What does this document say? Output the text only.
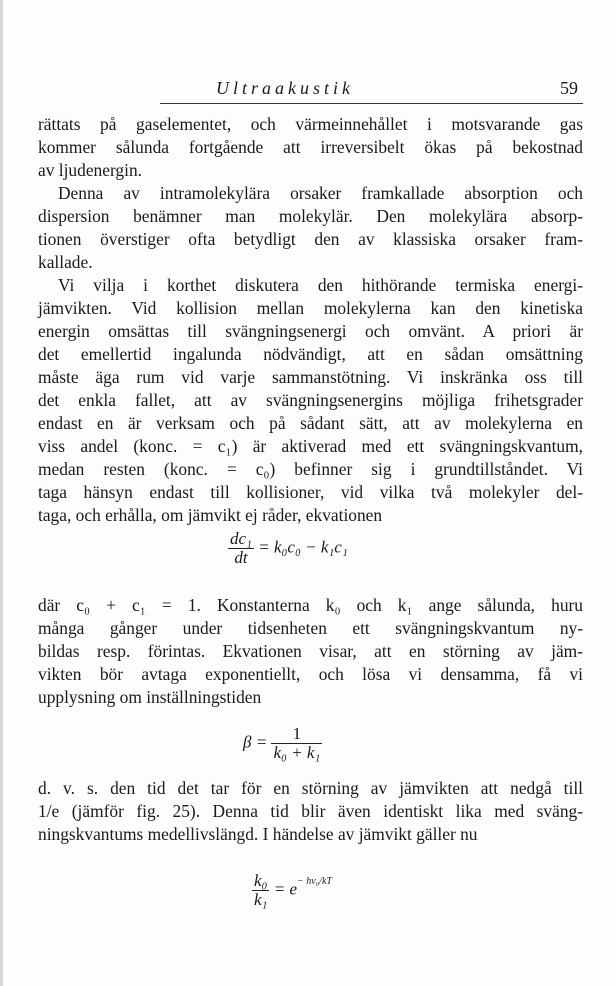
Ultraakustik	59
rättats på gaselementet, och värmeinnehållet i motsvarande gas
kommer sålunda fortgående att irreversibelt ökas på bekostnad
av ljudenergin.
Denna av intramolekylära orsaker framkallade absorption och
dispersion benämner man molekylär. Den molekylära absorp-
tionen överstiger ofta betydligt den av klassiska orsaker fram-
kallade.
Vi vilja i korthet diskutera den hithörande termiska energi-
jämvikten. Vid kollision mellan molekylerna kan den kinetiska
energin omsättas till svängningsenergi och omvänt. A priori är
det emellertid ingalunda nödvändigt, att en sådan omsättning
måste äga rum vid varje sammanstötning. Vi inskränka oss till
det enkla fallet, att av svängningsenergins möjliga frihetsgrader
endast en är verksam och på sådant sätt, att av molekylerna en
viss andel (konc. = c₁) är aktiverad med ett svängningskvantum,
medan resten (konc. = c₀) befinner sig i grundtillståndet. Vi
taga hänsyn endast till kollisioner, vid vilka två molekyler del-
taga, och erhålla, om jämvikt ej råder, ekvationen
där c₀ + c₁ = 1. Konstanterna k₀ och k₁ ange sålunda, huru
många gånger under tidsenheten ett svängningskvantum ny-
bildas resp. förintas. Ekvationen visar, att en störning av jäm-
vikten bör avtaga exponentiellt, och lösa vi densamma, få vi
upplysning om inställningstiden
d. v. s. den tid det tar för en störning av jämvikten att nedgå till
1/e (jämför fig. 25). Denna tid blir även identiskt lika med sväng-
ningskvantums medellivslängd. I händelse av jämvikt gäller nu
$\frac{\text{dc₁}}{dt} = k_0c_0 - k_1c_1$
$\beta = \frac{1}{\text{k₀ + k₁}}$
$\frac{\text{k₀}}{\text{k₁}} = e- h\nu_0/kT$
